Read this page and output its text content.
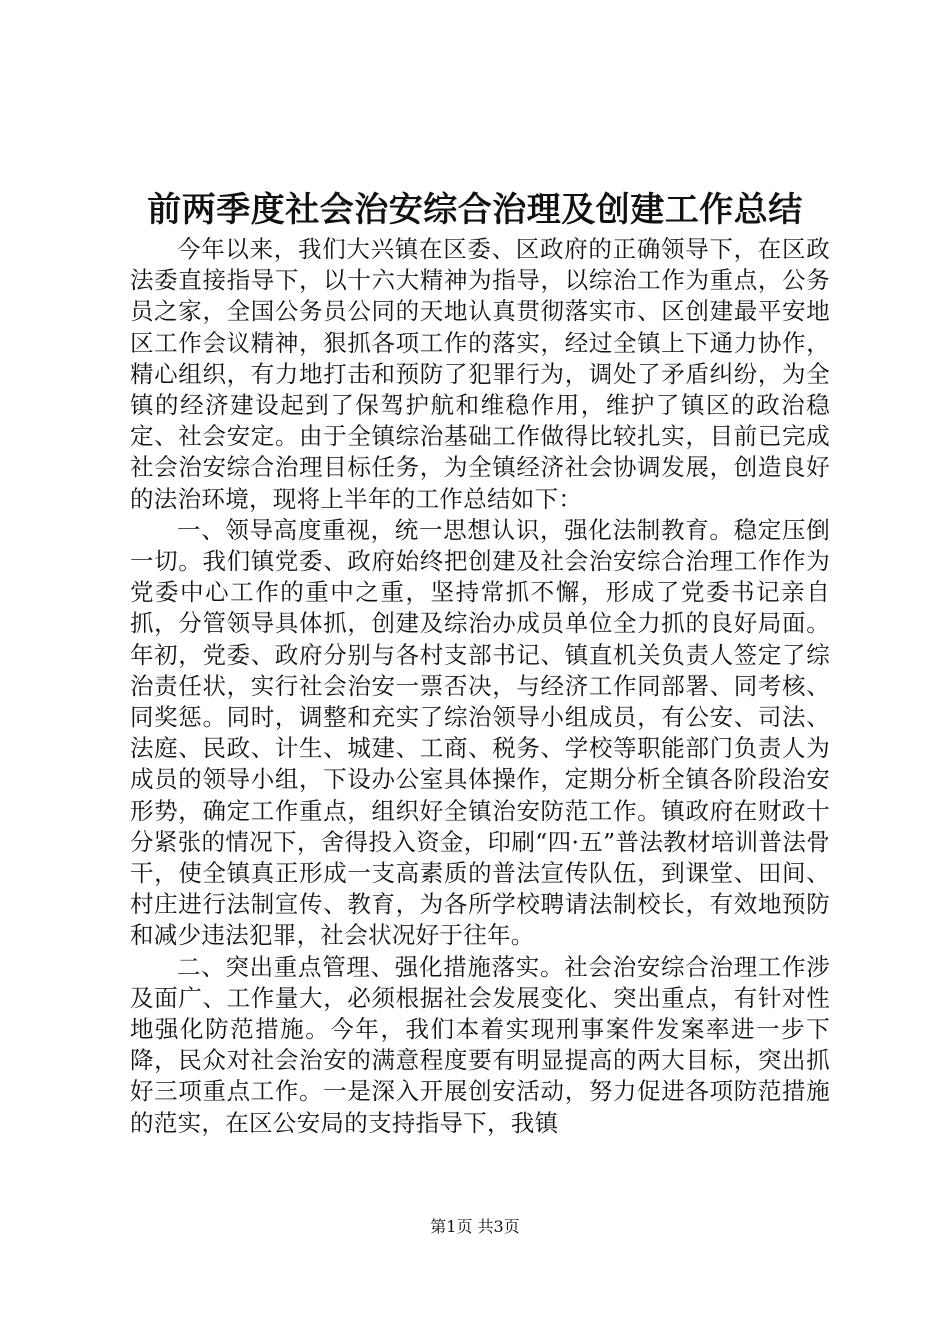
前两季度社会治安综合治理及创建工作总结

今年以来，我们大兴镇在区委、区政府的正确领导下，在区政法委直接指导下，以十六大精神为指导，以综治工作为重点，公务员之家，全国公务员公同的天地认真贯彻落实市、区创建最平安地区工作会议精神，狠抓各项工作的落实，经过全镇上下通力协作，精心组织，有力地打击和预防了犯罪行为，调处了矛盾纠纷，为全镇的经济建设起到了保驾护航和维稳作用，维护了镇区的政治稳定、社会安定。由于全镇综治基础工作做得比较扎实，目前已完成社会治安综合治理目标任务，为全镇经济社会协调发展，创造良好的法治环境，现将上半年的工作总结如下：

一、领导高度重视，统一思想认识，强化法制教育。稳定压倒一切。我们镇党委、政府始终把创建及社会治安综合治理工作作为党委中心工作的重中之重，坚持常抓不懈，形成了党委书记亲自抓，分管领导具体抓，创建及综治办成员单位全力抓的良好局面。年初，党委、政府分别与各村支部书记、镇直机关负责人签定了综治责任状，实行社会治安一票否决，与经济工作同部署、同考核、同奖惩。同时，调整和充实了综治领导小组成员，有公安、司法、法庭、民政、计生、城建、工商、税务、学校等职能部门负责人为成员的领导小组，下设办公室具体操作，定期分析全镇各阶段治安形势，确定工作重点，组织好全镇治安防范工作。镇政府在财政十分紧张的情况下，舍得投入资金，印刷“四·五”普法教材培训普法骨干，使全镇真正形成一支高素质的普法宣传队伍，到课堂、田间、村庄进行法制宣传、教育，为各所学校聘请法制校长，有效地预防和减少违法犯罪，社会状况好于往年。

二、突出重点管理、强化措施落实。社会治安综合治理工作涉及面广、工作量大，必须根据社会发展变化、突出重点，有针对性地强化防范措施。今年，我们本着实现刑事案件发案率进一步下降，民众对社会治安的满意程度要有明显提高的两大目标，突出抓好三项重点工作。一是深入开展创安活动，努力促进各项防范措施的范实，在区公安局的支持指导下，我镇

第1页 共3页
